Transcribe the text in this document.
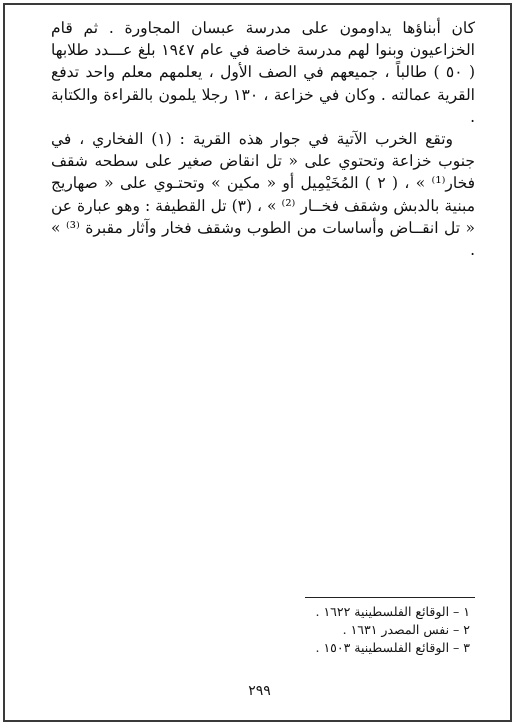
كان أبناؤها يداومون على مدرسة عبسان المجاورة . ثم قام الخزاعيون وبنوا لهم مدرسة خاصة في عام ١٩٤٧ بلغ عـــدد طلابها ( ٥٠ ) طالباً ، جميعهم في الصف الأول ، يعلمهم معلم واحد تدفع القرية عمالته . وكان في خزاعة ، ١٣٠ رجلا يلمون بالقراءة والكتابة .

وتقع الخرب الآتية في جوار هذه القرية : (١) الفخاري ، في جنوب خزاعة وتحتوي على « تل انقاض صغير على سطحه شقف فخار⁽¹⁾ » ، ( ٢ ) المُخَيْمِيل أو « مكين » وتحتـوي على « صهاريج مبنية بالدبش وشقف فخــار ⁽²⁾ » ، (٣) تل القطيفة : وهو عبارة عن « تل انقــاض وأساسات من الطوب وشقف فخار وآثار مقبرة ⁽³⁾ » .

١ – الوقائع الفلسطينية ١٦٢٢ .
٢ – نفس المصدر ١٦٣١ .
٣ – الوقائع الفلسطينية ١٥٠٣ .
٢٩٩
